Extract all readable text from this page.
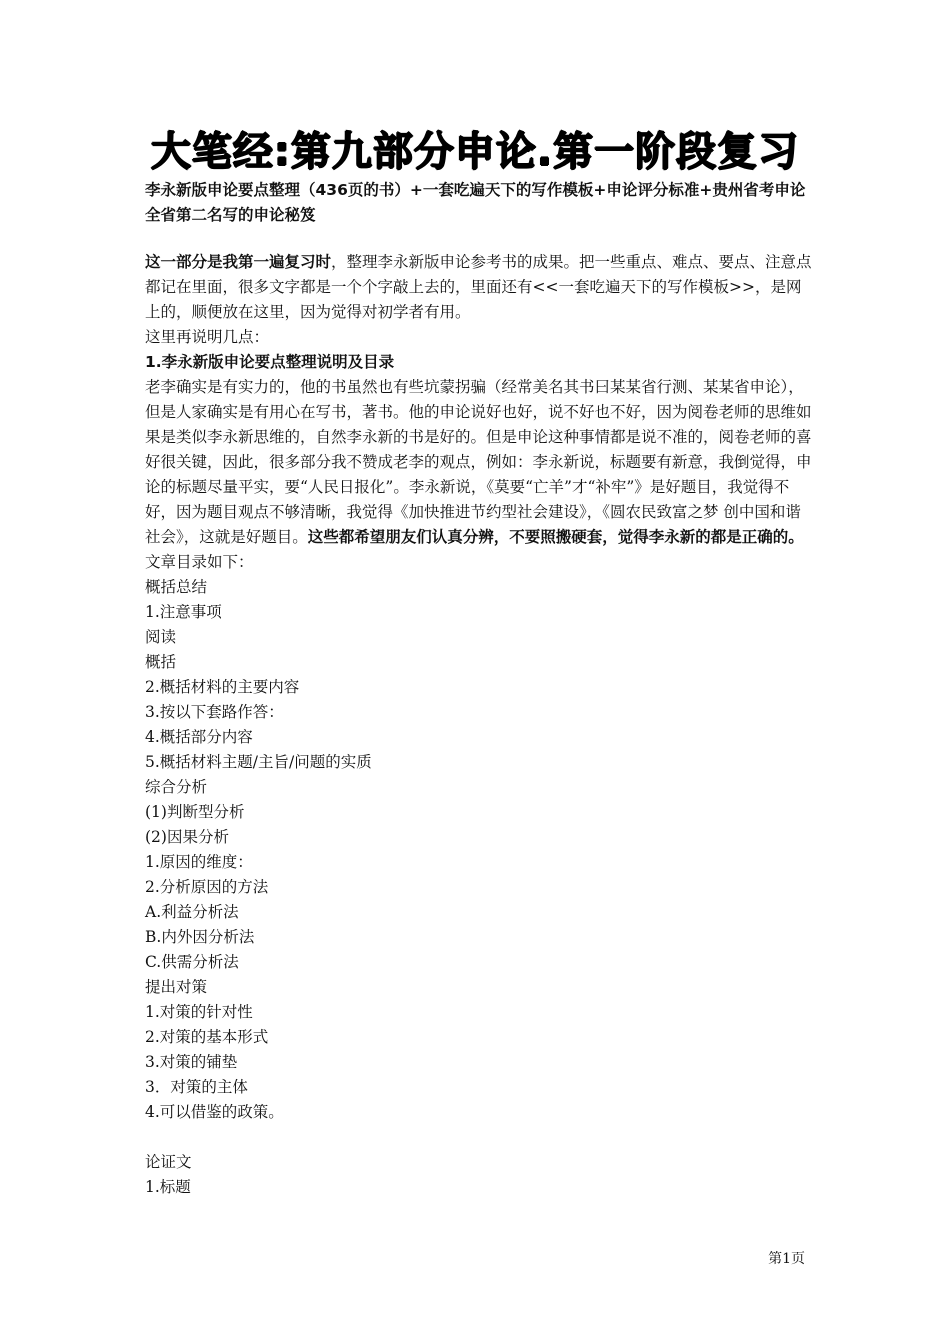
大笔经:第九部分申论.第一阶段复习
李永新版申论要点整理（436页的书）+一套吃遍天下的写作模板+申论评分标准+贵州省考申论全省第二名写的申论秘笈

这一部分是我第一遍复习时，整理李永新版申论参考书的成果。把一些重点、难点、要点、注意点都记在里面，很多文字都是一个个字敲上去的，里面还有<<一套吃遍天下的写作模板>>，是网上的，顺便放在这里，因为觉得对初学者有用。

这里再说明几点：

1.李永新版申论要点整理说明及目录

老李确实是有实力的，他的书虽然也有些坑蒙拐骗（经常美名其书曰某某省行测、某某省申论），但是人家确实是有用心在写书，著书。他的申论说好也好，说不好也不好，因为阅卷老师的思维如果是类似李永新思维的，自然李永新的书是好的。但是申论这种事情都是说不准的，阅卷老师的喜好很关键，因此，很多部分我不赞成老李的观点，例如：李永新说，标题要有新意，我倒觉得，申论的标题尽量平实，要“人民日报化”。李永新说，《莫要“亡羊”才“补牢”》是好题目，我觉得不好，因为题目观点不够清晰，我觉得《加快推进节约型社会建设》，《圆农民致富之梦 创中国和谐社会》，这就是好题目。这些都希望朋友们认真分辨，不要照搬硬套，觉得李永新的都是正确的。

文章目录如下：

概括总结

1.注意事项

阅读

概括

2.概括材料的主要内容

3.按以下套路作答：

4.概括部分内容

5.概括材料主题/主旨/问题的实质

综合分析

(1)判断型分析

(2)因果分析

1.原因的维度：

2.分析原因的方法

A.利益分析法

B.内外因分析法

C.供需分析法

提出对策

1.对策的针对性

2.对策的基本形式

3.对策的铺垫

3．对策的主体

4.可以借鉴的政策。

论证文

1.标题

第1页
